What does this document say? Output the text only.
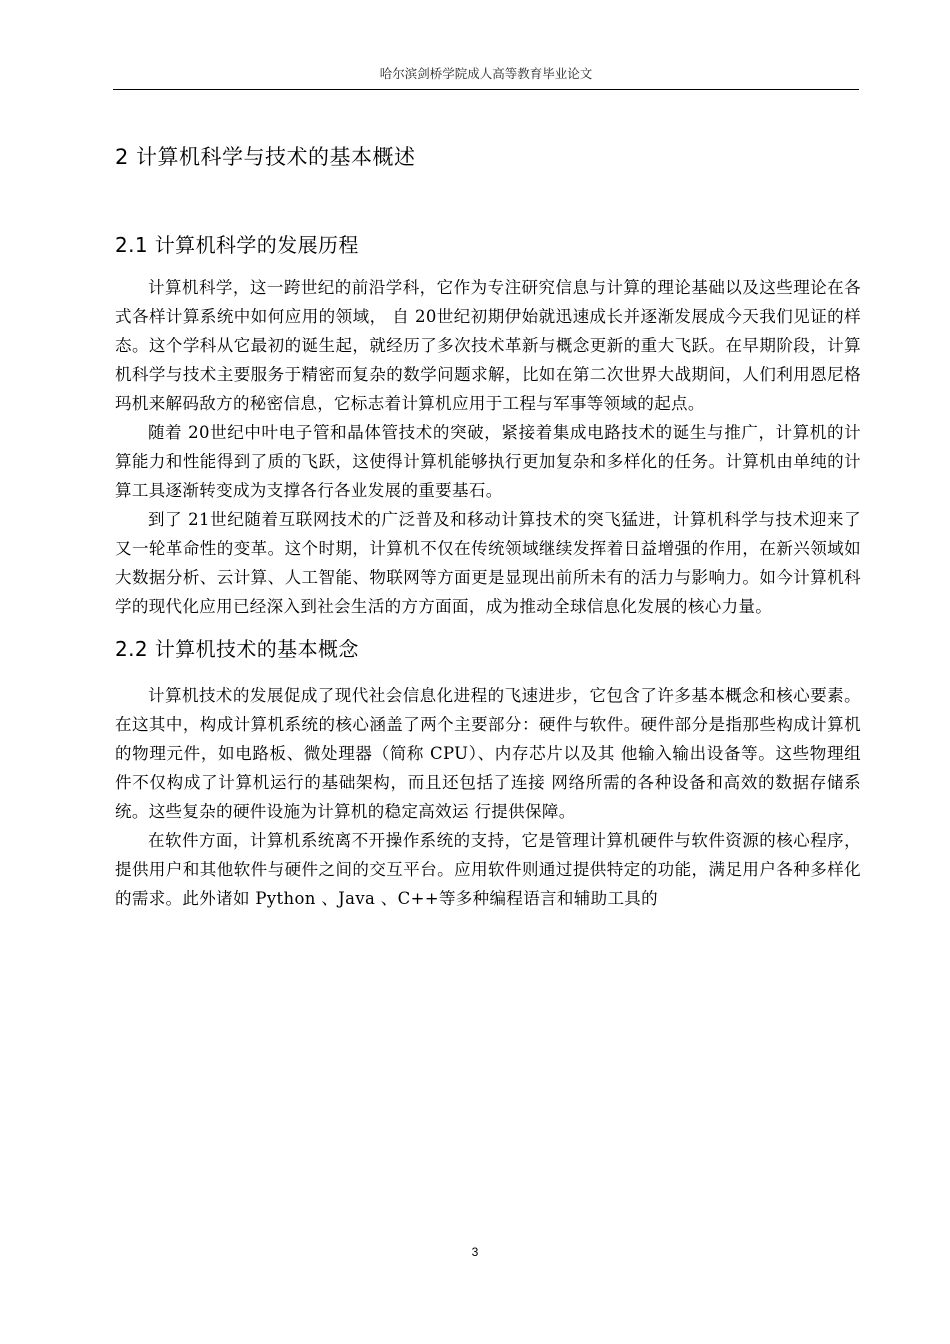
哈尔滨剑桥学院成人高等教育毕业论文
2 计算机科学与技术的基本概述
2.1 计算机科学的发展历程

计算机科学，这一跨世纪的前沿学科，它作为专注研究信息与计算的理论基础以及这些理论在各式各样计算系统中如何应用的领域， 自 20世纪初期伊始就迅速成长并逐渐发展成今天我们见证的样态。这个学科从它最初的诞生起，就经历了多次技术革新与概念更新的重大飞跃。在早期阶段，计算机科学与技术主要服务于精密而复杂的数学问题求解，比如在第二次世界大战期间，人们利用恩尼格玛机来解码敌方的秘密信息，它标志着计算机应用于工程与军事等领域的起点。

随着 20世纪中叶电子管和晶体管技术的突破，紧接着集成电路技术的诞生与推广，计算机的计算能力和性能得到了质的飞跃，这使得计算机能够执行更加复杂和多样化的任务。计算机由单纯的计算工具逐渐转变成为支撑各行各业发展的重要基石。

到了 21世纪随着互联网技术的广泛普及和移动计算技术的突飞猛进，计算机科学与技术迎来了又一轮革命性的变革。这个时期，计算机不仅在传统领域继续发挥着日益增强的作用，在新兴领域如大数据分析、云计算、人工智能、物联网等方面更是显现出前所未有的活力与影响力。如今计算机科学的现代化应用已经深入到社会生活的方方面面，成为推动全球信息化发展的核心力量。

2.2 计算机技术的基本概念

计算机技术的发展促成了现代社会信息化进程的飞速进步，它包含了许多基本概念和核心要素。在这其中，构成计算机系统的核心涵盖了两个主要部分：硬件与软件。硬件部分是指那些构成计算机的物理元件，如电路板、微处理器（简称 CPU）、内存芯片以及其 他输入输出设备等。这些物理组件不仅构成了计算机运行的基础架构，而且还包括了连接 网络所需的各种设备和高效的数据存储系统。这些复杂的硬件设施为计算机的稳定高效运 行提供保障。

在软件方面，计算机系统离不开操作系统的支持，它是管理计算机硬件与软件资源的核心程序，提供用户和其他软件与硬件之间的交互平台。应用软件则通过提供特定的功能，满足用户各种多样化的需求。此外诸如 Python 、Java 、C++等多种编程语言和辅助工具的

3
